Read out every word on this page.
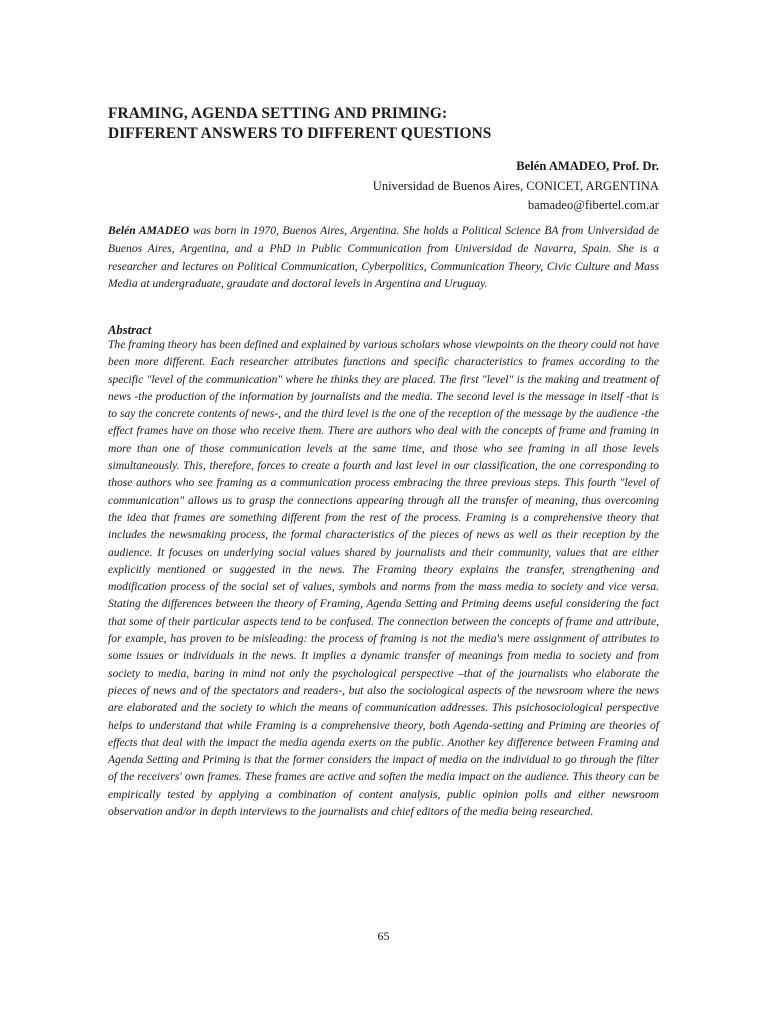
FRAMING, AGENDA SETTING AND PRIMING:
DIFFERENT ANSWERS TO DIFFERENT QUESTIONS
Belén AMADEO, Prof. Dr.
Universidad de Buenos Aires, CONICET, ARGENTINA
bamadeo@fibertel.com.ar
Belén AMADEO was born in 1970, Buenos Aires, Argentina. She holds a Political Science BA from Universidad de Buenos Aires, Argentina, and a PhD in Public Communication from Universidad de Navarra, Spain. She is a researcher and lectures on Political Communication, Cyberpolitics, Communication Theory, Civic Culture and Mass Media at undergraduate, graudate and doctoral levels in Argentina and Uruguay.
Abstract
The framing theory has been defined and explained by various scholars whose viewpoints on the theory could not have been more different. Each researcher attributes functions and specific characteristics to frames according to the specific "level of the communication" where he thinks they are placed. The first "level" is the making and treatment of news -the production of the information by journalists and the media. The second level is the message in itself -that is to say the concrete contents of news-, and the third level is the one of the reception of the message by the audience -the effect frames have on those who receive them. There are authors who deal with the concepts of frame and framing in more than one of those communication levels at the same time, and those who see framing in all those levels simultaneously. This, therefore, forces to create a fourth and last level in our classification, the one corresponding to those authors who see framing as a communication process embracing the three previous steps. This fourth "level of communication" allows us to grasp the connections appearing through all the transfer of meaning, thus overcoming the idea that frames are something different from the rest of the process. Framing is a comprehensive theory that includes the newsmaking process, the formal characteristics of the pieces of news as well as their reception by the audience. It focuses on underlying social values shared by journalists and their community, values that are either explicitly mentioned or suggested in the news. The Framing theory explains the transfer, strengthening and modification process of the social set of values, symbols and norms from the mass media to society and vice versa. Stating the differences between the theory of Framing, Agenda Setting and Priming deems useful considering the fact that some of their particular aspects tend to be confused. The connection between the concepts of frame and attribute, for example, has proven to be misleading: the process of framing is not the media's mere assignment of attributes to some issues or individuals in the news. It implies a dynamic transfer of meanings from media to society and from society to media, baring in mind not only the psychological perspective –that of the journalists who elaborate the pieces of news and of the spectators and readers-, but also the sociological aspects of the newsroom where the news are elaborated and the society to which the means of communication addresses. This psichosociological perspective helps to understand that while Framing is a comprehensive theory, both Agenda-setting and Priming are theories of effects that deal with the impact the media agenda exerts on the public. Another key difference between Framing and Agenda Setting and Priming is that the former considers the impact of media on the individual to go through the filter of the receivers' own frames. These frames are active and soften the media impact on the audience. This theory can be empirically tested by applying a combination of content analysis, public opinion polls and either newsroom observation and/or in depth interviews to the journalists and chief editors of the media being researched.
65
